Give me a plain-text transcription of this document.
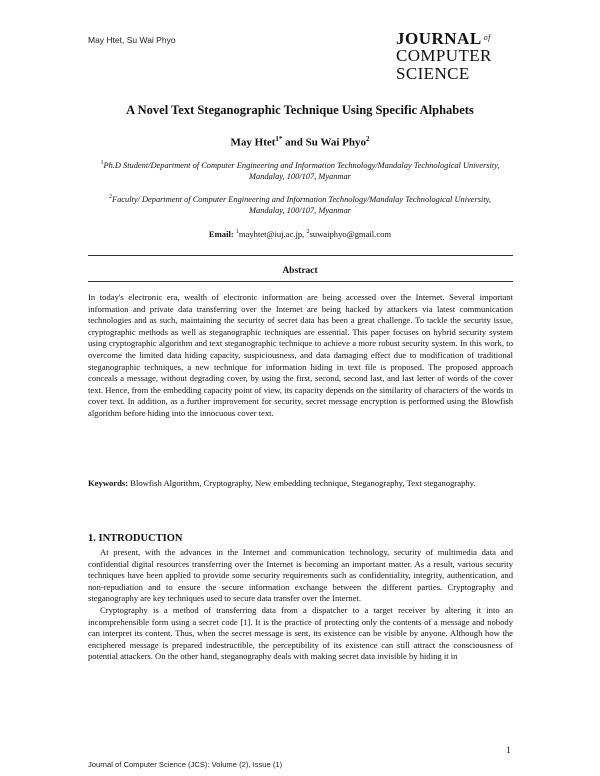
May Htet, Su Wai Phyo	JOURNAL $^{of}$
COMPUTER
SCIENCE
A Novel Text Steganographic Technique Using Specific Alphabets
May Htet$^{1*}$ and Su Wai Phyo$^2$
$^1$Ph.D Student/Department of Computer Engineering and Information Technology/Mandalay Technological University, Mandalay, 100/107, Myanmar
$^2$Faculty/ Department of Computer Engineering and Information Technology/Mandalay Technological University, Mandalay, 100/107, Myanmar
Email: $^1$mayhtet@iuj.ac.jp, $^2$suwaiphyo@gmail.com
Abstract
In today's electronic era, wealth of electronic information are being accessed over the Internet. Several important information and private data transferring over the Internet are being hacked by attackers via latest communication technologies and as such, maintaining the security of secret data has been a great challenge. To tackle the security issue, cryptographic methods as well as steganographic techniques are essential. This paper focuses on hybrid security system using cryptographic algorithm and text steganographic technique to achieve a more robust security system. In this work, to overcome the limited data hiding capacity, suspiciousness, and data damaging effect due to modification of traditional steganographic techniques, a new technique for information hiding in text file is proposed. The proposed approach conceals a message, without degrading cover, by using the first, second, second last, and last letter of words of the cover text. Hence, from the embedding capacity point of view, its capacity depends on the similarity of characters of the words in cover text. In addition, as a further improvement for security, secret message encryption is performed using the Blowfish algorithm before hiding into the innocuous cover text.
Keywords: Blowfish Algorithm, Cryptography, New embedding technique, Steganography, Text steganography.
1. INTRODUCTION

At present, with the advances in the Internet and communication technology, security of multimedia data and confidential digital resources transferring over the Internet is becoming an important matter. As a result, various security techniques have been applied to provide some security requirements such as confidentiality, integrity, authentication, and non-repudiation and to ensure the secure information exchange between the different parties. Cryptography and steganography are key techniques used to secure data transfer over the Internet.

Cryptography is a method of transferring data from a dispatcher to a target receiver by altering it into an incomprehensible form using a secret code [1]. It is the practice of protecting only the contents of a message and nobody can interpret its content. Thus, when the secret message is sent, its existence can be visible by anyone. Although how the enciphered message is prepared indestructible, the perceptibility of its existence can still attract the consciousness of potential attackers. On the other hand, steganography deals with making secret data invisible by hiding it in

1
Journal of Computer Science (JCS): Volume (2), Issue (1)
